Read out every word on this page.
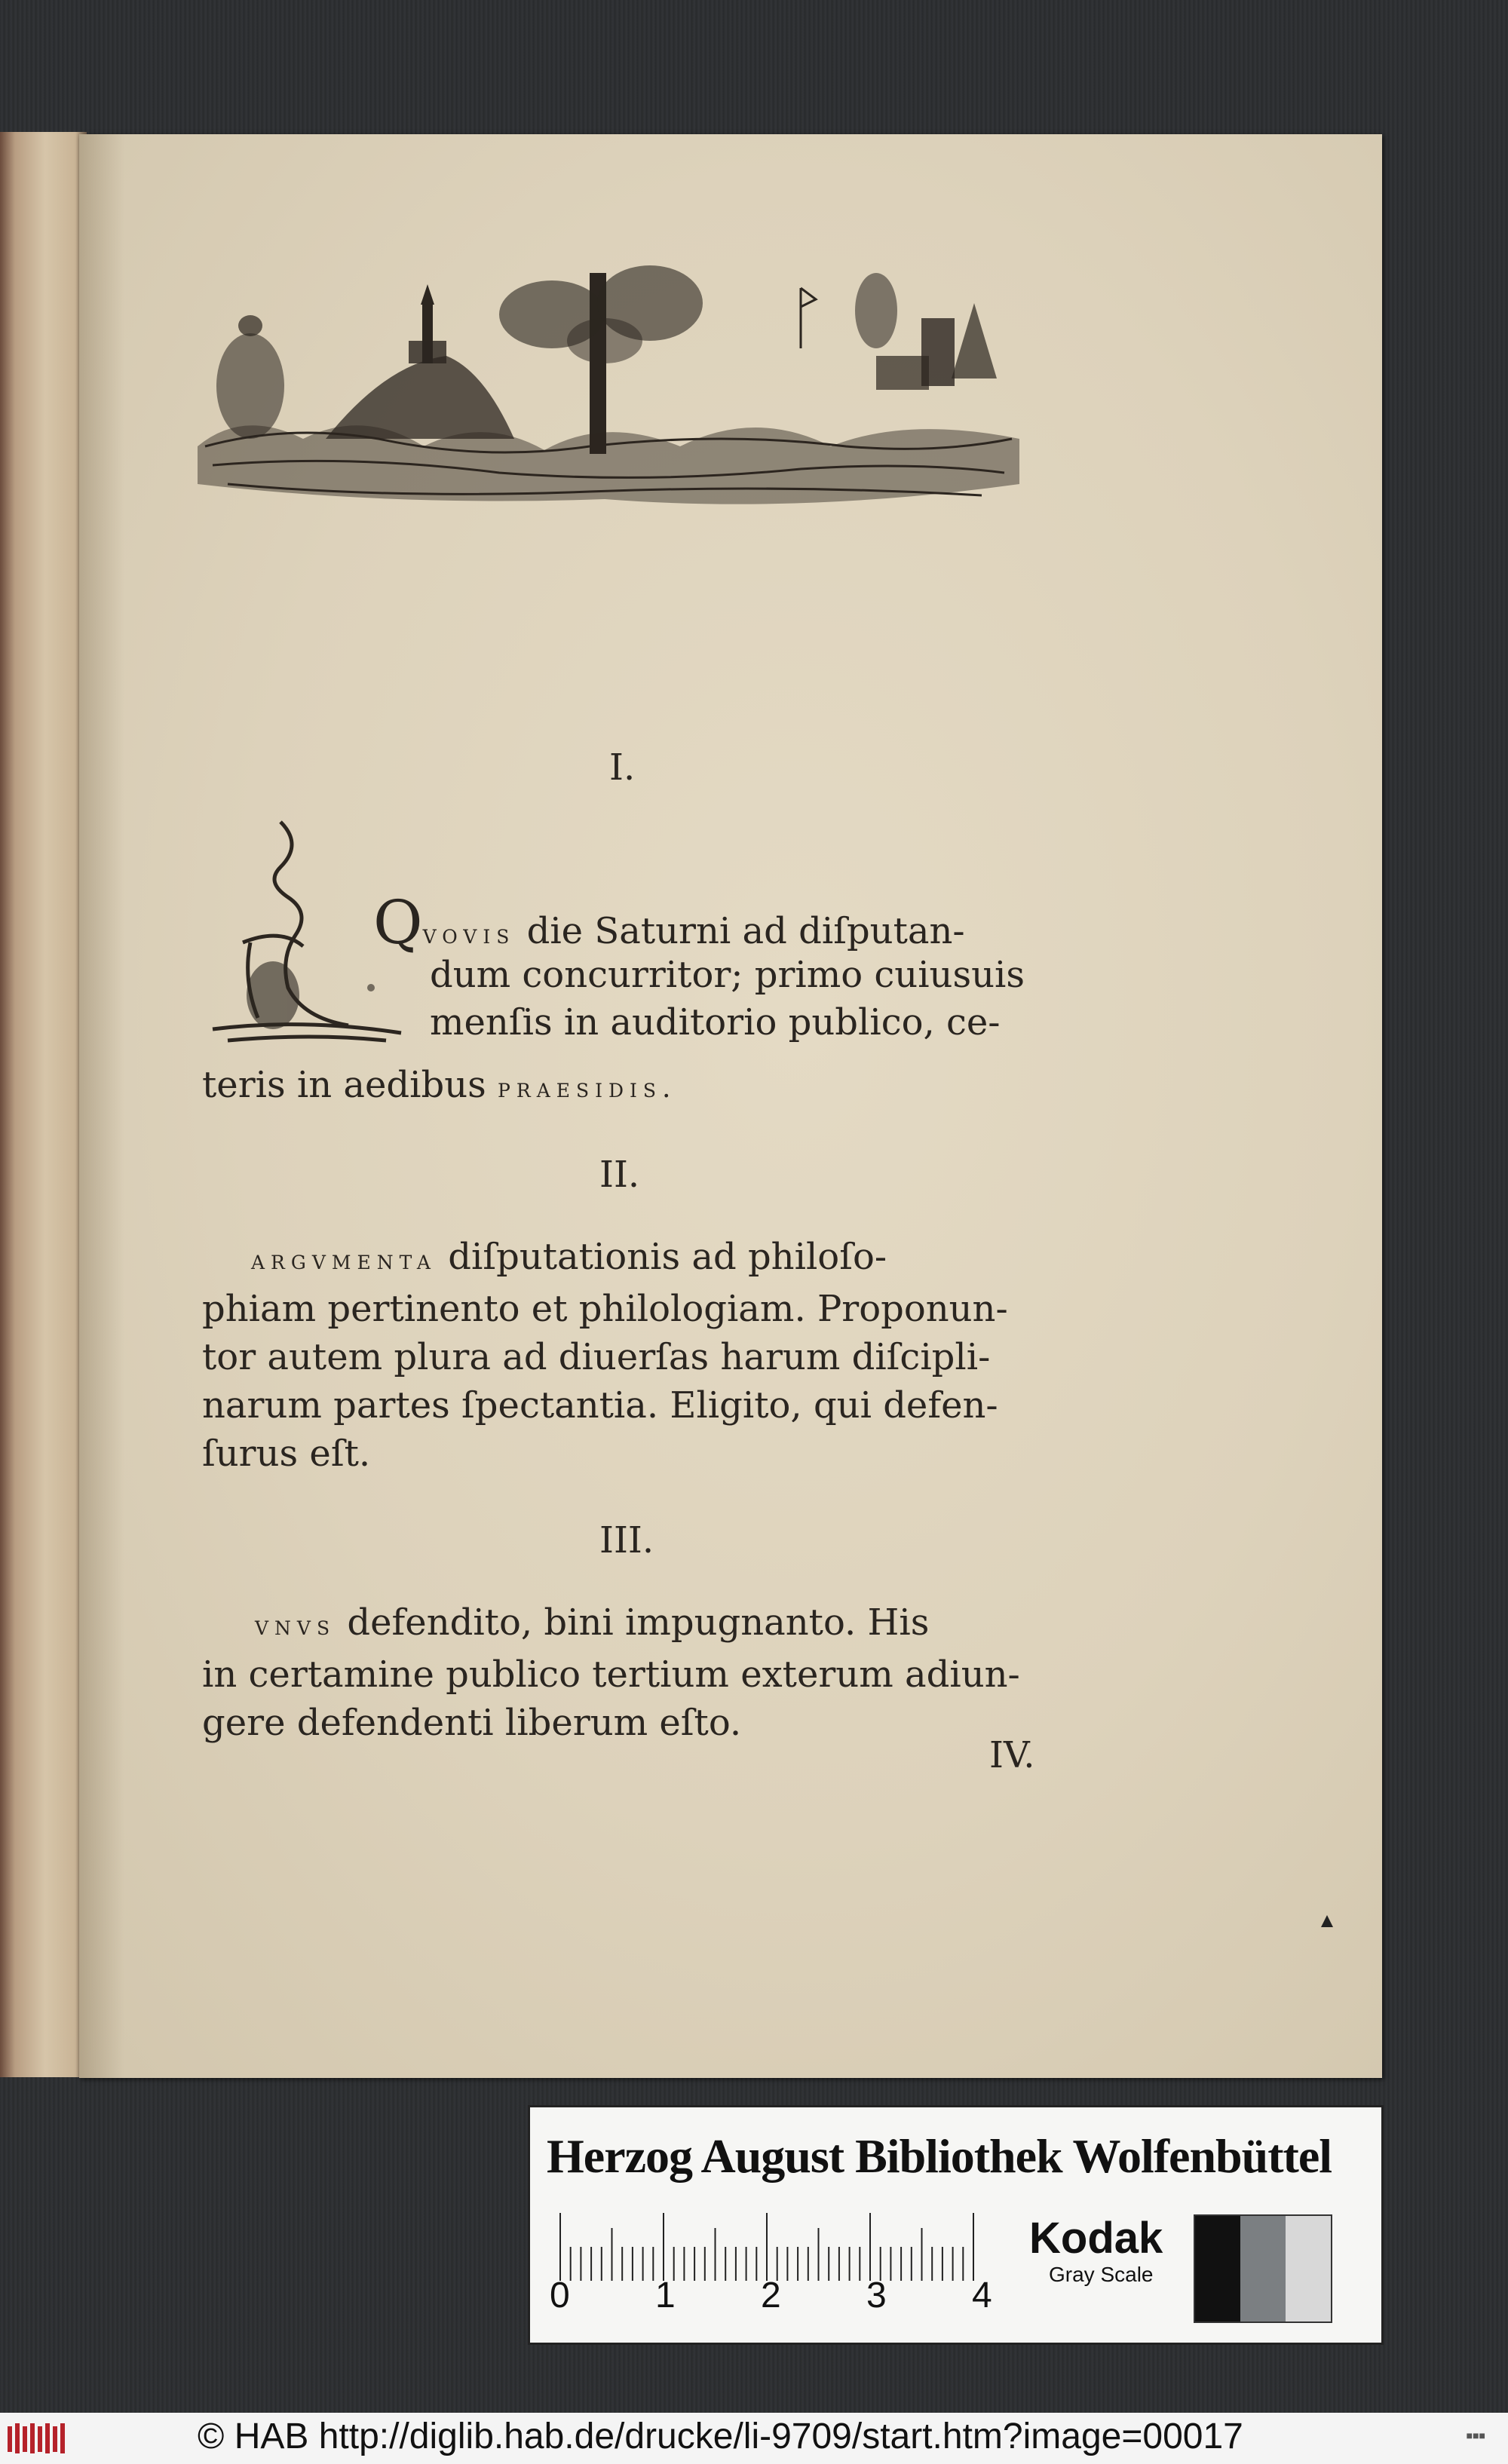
I.
Qvovis die Saturni ad diſputan-
dum concurritor; primo cuiusuis
menſis in auditorio publico, ce-
teris in aedibus praesidis.
II.
argvmenta diſputationis ad philoſo-
phiam pertinento et philologiam. Proponun-
tor autem plura ad diuerſas harum diſcipli-
narum partes ſpectantia. Eligito, qui defen-
ſurus eſt.
III.
vnvs defendito, bini impugnanto. His
in certamine publico tertium exterum adiun-
gere defendenti liberum eſto.
IV.
Herzog August Bibliothek Wolfenbüttel
0 1 2 3 4
Kodak
Gray Scale
© HAB http://diglib.hab.de/drucke/li-9709/start.htm?image=00017	■■■
